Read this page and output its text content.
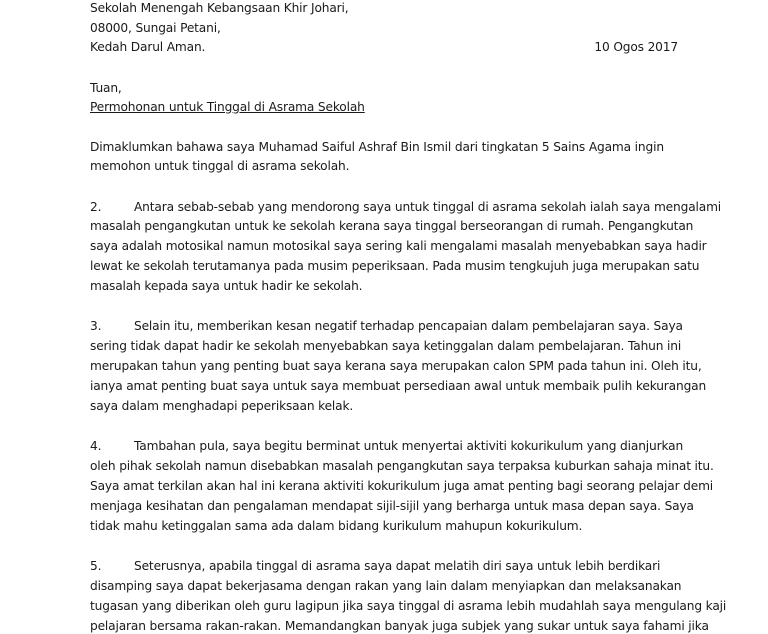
Sekolah Menengah Kebangsaan Khir Johari,
08000, Sungai Petani,
Kedah Darul Aman.	10 Ogos 2017
Tuan,
Permohonan untuk Tinggal di Asrama Sekolah
Dimaklumkan bahawa saya Muhamad Saiful Ashraf Bin Ismil dari tingkatan 5 Sains Agama ingin
memohon untuk tinggal di asrama sekolah.
2.	Antara sebab-sebab yang mendorong saya untuk tinggal di asrama sekolah ialah saya mengalami
masalah pengangkutan untuk ke sekolah kerana saya tinggal berseorangan di rumah. Pengangkutan
saya adalah motosikal namun motosikal saya sering kali mengalami masalah menyebabkan saya hadir
lewat ke sekolah terutamanya pada musim peperiksaan. Pada musim tengkujuh juga merupakan satu
masalah kepada saya untuk hadir ke sekolah.
3.	Selain itu, memberikan kesan negatif terhadap pencapaian dalam pembelajaran saya. Saya
sering tidak dapat hadir ke sekolah menyebabkan saya ketinggalan dalam pembelajaran. Tahun ini
merupakan tahun yang penting buat saya kerana saya merupakan calon SPM pada tahun ini. Oleh itu,
ianya amat penting buat saya untuk saya membuat persediaan awal untuk membaik pulih kekurangan
saya dalam menghadapi peperiksaan kelak.
4.	Tambahan pula, saya begitu berminat untuk menyertai aktiviti kokurikulum yang dianjurkan
oleh pihak sekolah namun disebabkan masalah pengangkutan saya terpaksa kuburkan sahaja minat itu.
Saya amat terkilan akan hal ini kerana aktiviti kokurikulum juga amat penting bagi seorang pelajar demi
menjaga kesihatan dan pengalaman mendapat sijil-sijil yang berharga untuk masa depan saya. Saya
tidak mahu ketinggalan sama ada dalam bidang kurikulum mahupun kokurikulum.
5.	Seterusnya, apabila tinggal di asrama saya dapat melatih diri saya untuk lebih berdikari
disamping saya dapat bekerjasama dengan rakan yang lain dalam menyiapkan dan melaksanakan
tugasan yang diberikan oleh guru lagipun jika saya tinggal di asrama lebih mudahlah saya mengulang kaji
pelajaran bersama rakan-rakan. Memandangkan banyak juga subjek yang sukar untuk saya fahami jika
